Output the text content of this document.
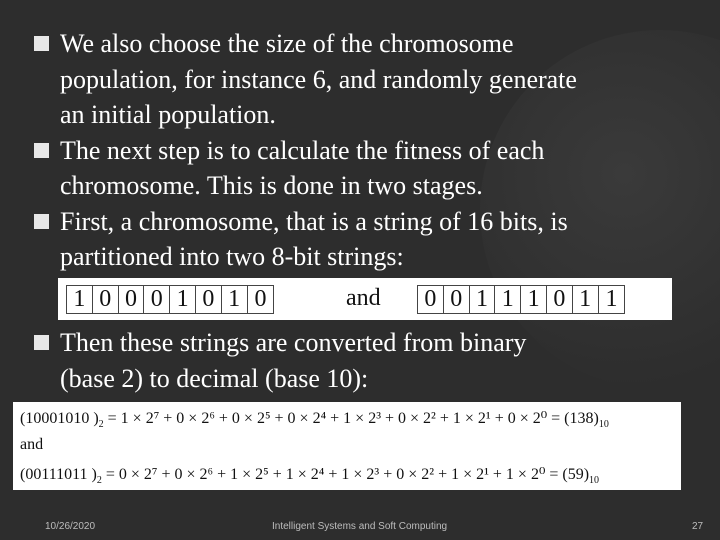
We also choose the size of the chromosome
population, for instance 6, and randomly generate
an initial population.
The next step is to calculate the fitness of each
chromosome. This is done in two stages.
First, a chromosome, that is a string of 16 bits, is
partitioned into two 8-bit strings:
1 0 0 0 1 0 1 0	and 0 0 1 1 1 0 1 1
Then these strings are converted from binary
(base 2) to decimal (base 10):
(10001010 )$_2 = 1 \times 2^7 + 0 \times 2^6 + 0 \times 2^5 + 0 \times 2^4 + 1 \times 2^3 + 0 \times 2^2 + 1 \times 2^1 + 0 \times 2^0 = (138)_{10}$
and
(00111011 )$_2 = 0 \times 2^7 + 0 \times 2^6 + 1 \times 2^5 + 1 \times 2^4 + 1 \times 2^3 + 0 \times 2^2 + 1 \times 2^1 + 1 \times 2^0 = (59)_{10}$
10/26/2020	Intelligent Systems and Soft Computing	27
